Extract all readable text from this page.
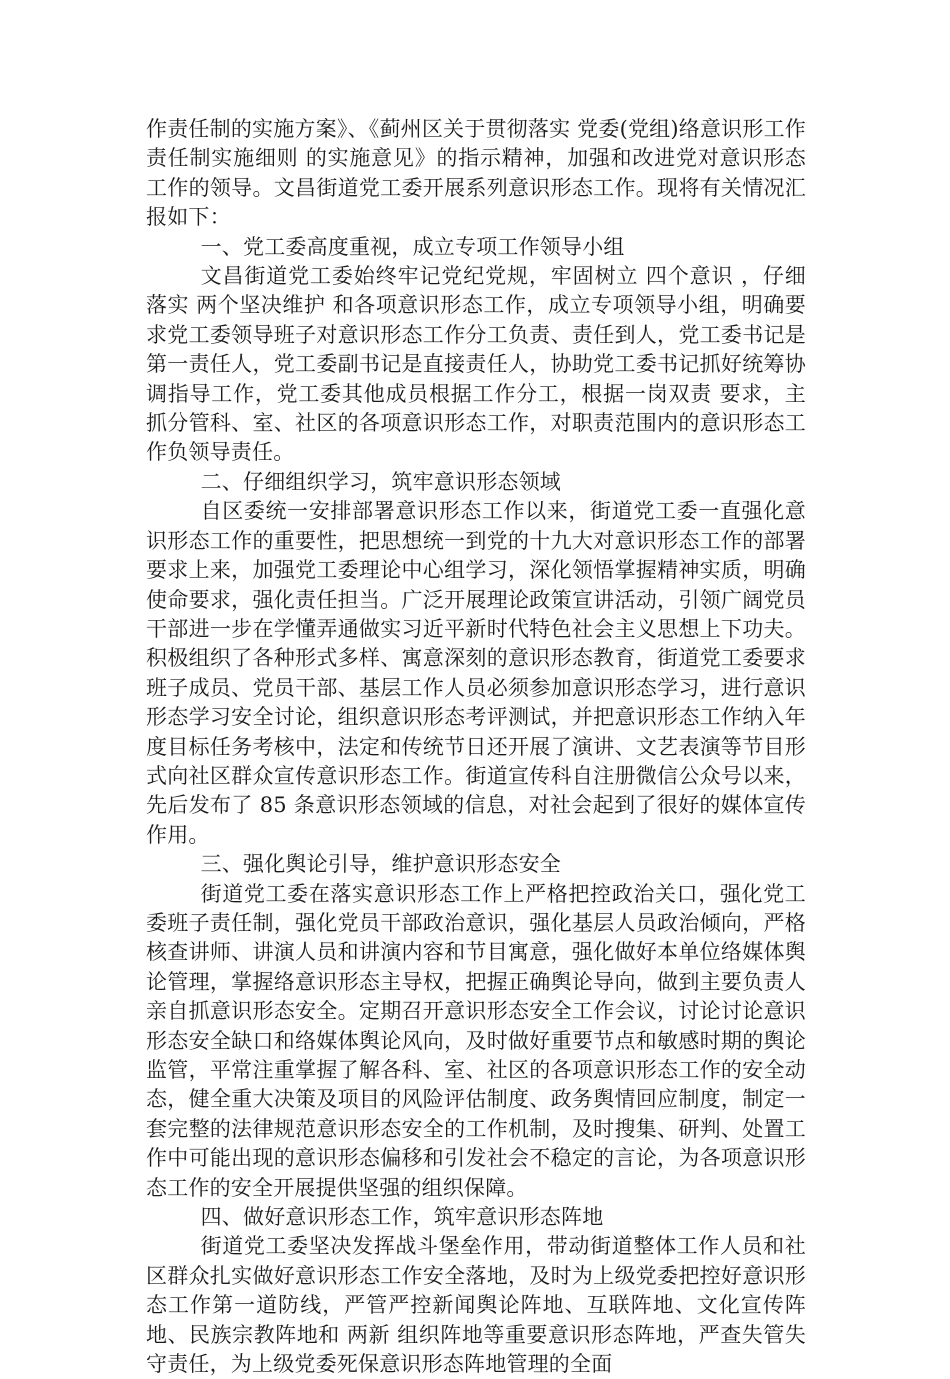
作责任制的实施方案》、《蓟州区关于贯彻落实 党委(党组)络意识形工作责任制实施细则 的实施意见》的指示精神，加强和改进党对意识形态工作的领导。文昌街道党工委开展系列意识形态工作。现将有关情况汇报如下：

一、党工委高度重视，成立专项工作领导小组

文昌街道党工委始终牢记党纪党规，牢固树立 四个意识 ，仔细落实 两个坚决维护 和各项意识形态工作，成立专项领导小组，明确要求党工委领导班子对意识形态工作分工负责、责任到人，党工委书记是第一责任人，党工委副书记是直接责任人，协助党工委书记抓好统筹协调指导工作，党工委其他成员根据工作分工，根据一岗双责 要求，主抓分管科、室、社区的各项意识形态工作，对职责范围内的意识形态工作负领导责任。

二、仔细组织学习，筑牢意识形态领域

自区委统一安排部署意识形态工作以来，街道党工委一直强化意识形态工作的重要性，把思想统一到党的十九大对意识形态工作的部署要求上来，加强党工委理论中心组学习，深化领悟掌握精神实质，明确使命要求，强化责任担当。广泛开展理论政策宣讲活动，引领广阔党员干部进一步在学懂弄通做实习近平新时代特色社会主义思想上下功夫。积极组织了各种形式多样、寓意深刻的意识形态教育，街道党工委要求班子成员、党员干部、基层工作人员必须参加意识形态学习，进行意识形态学习安全讨论，组织意识形态考评测试，并把意识形态工作纳入年度目标任务考核中，法定和传统节日还开展了演讲、文艺表演等节目形式向社区群众宣传意识形态工作。街道宣传科自注册微信公众号以来，先后发布了 85 条意识形态领域的信息，对社会起到了很好的媒体宣传作用。

三、强化舆论引导，维护意识形态安全

街道党工委在落实意识形态工作上严格把控政治关口，强化党工委班子责任制，强化党员干部政治意识，强化基层人员政治倾向，严格核查讲师、讲演人员和讲演内容和节目寓意，强化做好本单位络媒体舆论管理，掌握络意识形态主导权，把握正确舆论导向，做到主要负责人亲自抓意识形态安全。定期召开意识形态安全工作会议，讨论讨论意识形态安全缺口和络媒体舆论风向，及时做好重要节点和敏感时期的舆论监管，平常注重掌握了解各科、室、社区的各项意识形态工作的安全动态，健全重大决策及项目的风险评估制度、政务舆情回应制度，制定一套完整的法律规范意识形态安全的工作机制，及时搜集、研判、处置工作中可能出现的意识形态偏移和引发社会不稳定的言论，为各项意识形态工作的安全开展提供坚强的组织保障。

四、做好意识形态工作，筑牢意识形态阵地

街道党工委坚决发挥战斗堡垒作用，带动街道整体工作人员和社区群众扎实做好意识形态工作安全落地，及时为上级党委把控好意识形态工作第一道防线，严管严控新闻舆论阵地、互联阵地、文化宣传阵地、民族宗教阵地和 两新 组织阵地等重要意识形态阵地，严查失管失守责任，为上级党委死保意识形态阵地管理的全面
